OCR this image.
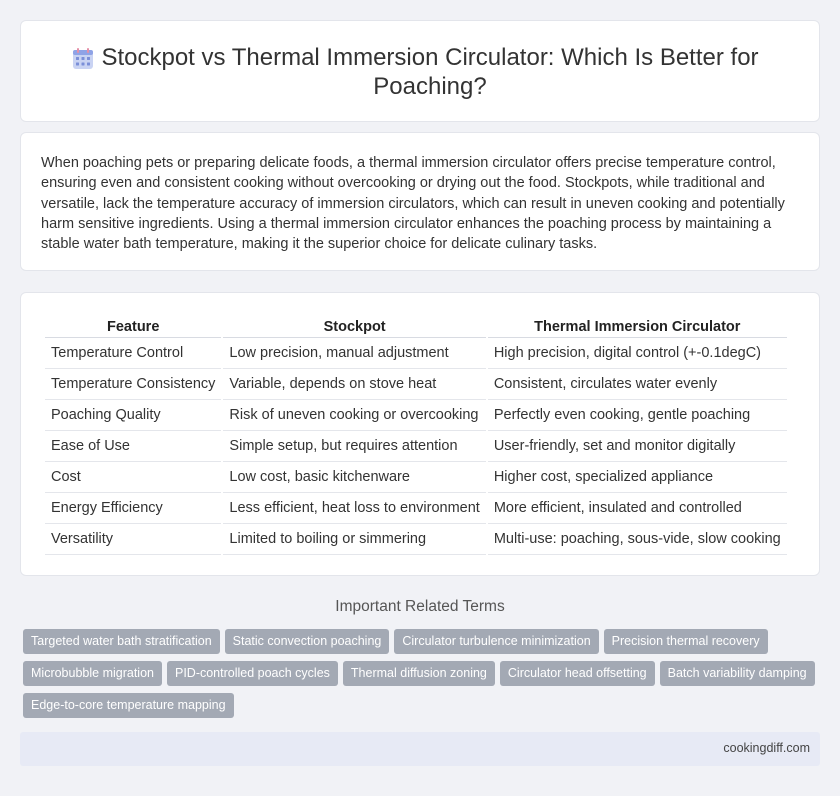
Stockpot vs Thermal Immersion Circulator: Which Is Better for Poaching?

When poaching pets or preparing delicate foods, a thermal immersion circulator offers precise temperature control, ensuring even and consistent cooking without overcooking or drying out the food. Stockpots, while traditional and versatile, lack the temperature accuracy of immersion circulators, which can result in uneven cooking and potentially harm sensitive ingredients. Using a thermal immersion circulator enhances the poaching process by maintaining a stable water bath temperature, making it the superior choice for delicate culinary tasks.

Feature	Stockpot	Thermal Immersion Circulator
Temperature Control	Low precision, manual adjustment	High precision, digital control (+-0.1degC)
Temperature Consistency	Variable, depends on stove heat	Consistent, circulates water evenly
Poaching Quality	Risk of uneven cooking or overcooking	Perfectly even cooking, gentle poaching
Ease of Use	Simple setup, but requires attention	User-friendly, set and monitor digitally
Cost	Low cost, basic kitchenware	Higher cost, specialized appliance
Energy Efficiency	Less efficient, heat loss to environment	More efficient, insulated and controlled
Versatility	Limited to boiling or simmering	Multi-use: poaching, sous-vide, slow cooking
Important Related Terms
Targeted water bath stratification Static convection poaching Circulator turbulence minimization Precision thermal recovery
Microbubble migration PID-controlled poach cycles Thermal diffusion zoning Circulator head offsetting Batch variability damping
Edge-to-core temperature mapping
cookingdiff.com
